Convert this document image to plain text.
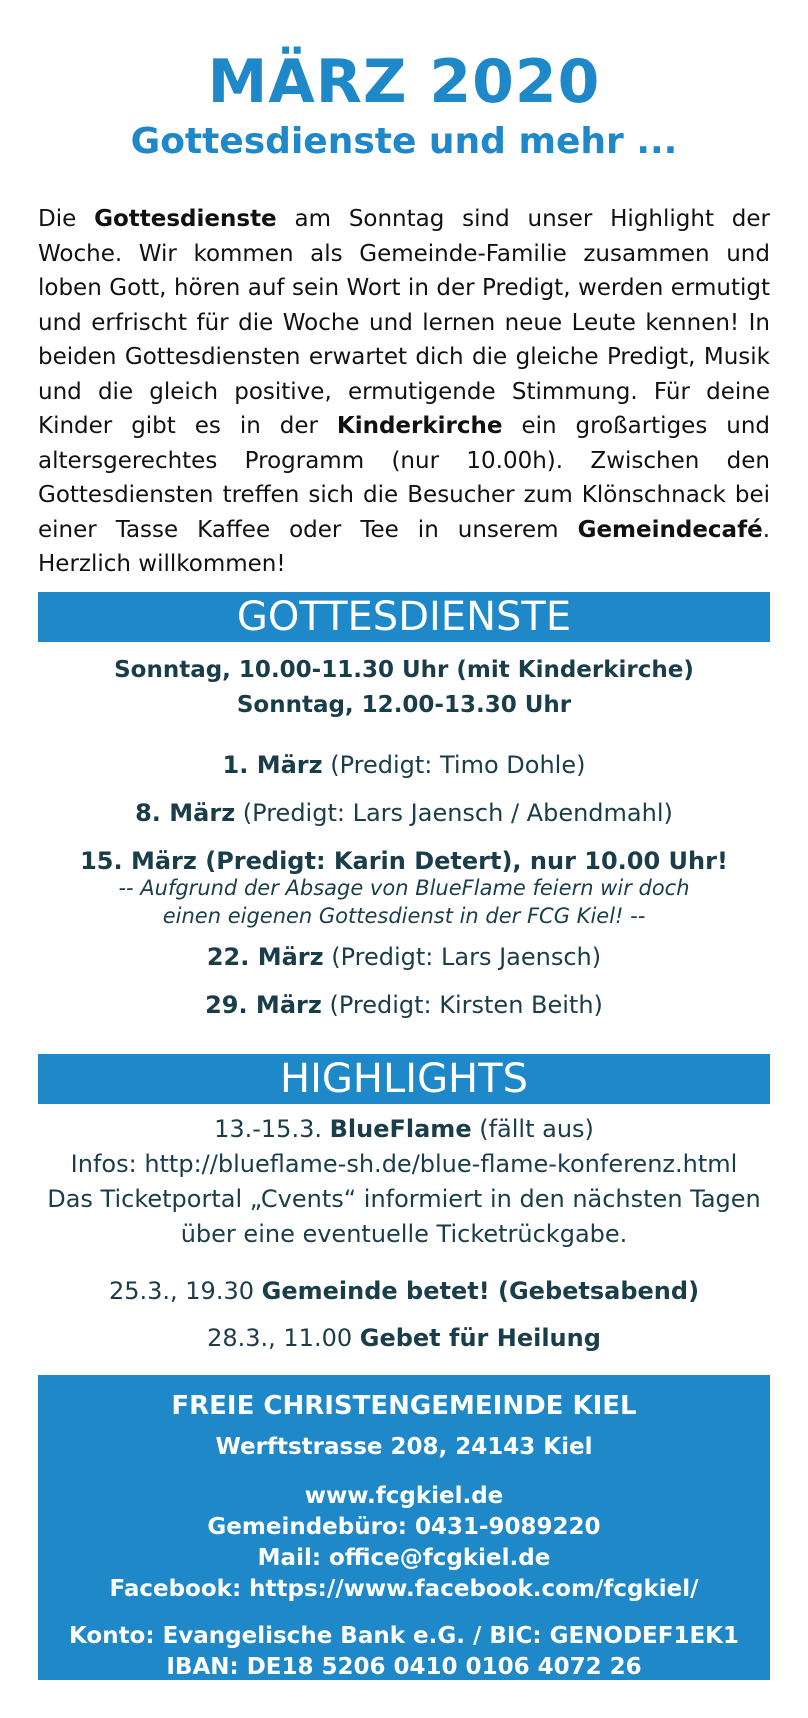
MÄRZ 2020
Gottesdienste und mehr ...

Die Gottesdienste am Sonntag sind unser Highlight der Woche. Wir kommen als Gemeinde-Familie zusammen und loben Gott, hören auf sein Wort in der Predigt, werden ermutigt und erfrischt für die Woche und lernen neue Leute kennen! In beiden Gottesdiensten erwartet dich die gleiche Predigt, Musik und die gleich positive, ermutigende Stimmung. Für deine Kinder gibt es in der Kinderkirche ein großartiges und altersgerechtes Programm (nur 10.00h). Zwischen den Gottesdiensten treffen sich die Besucher zum Klönschnack bei einer Tasse Kaffee oder Tee in unserem Gemeindecafé. Herzlich willkommen!

GOTTESDIENSTE
Sonntag, 10.00-11.30 Uhr (mit Kinderkirche)
Sonntag, 12.00-13.30 Uhr
1. März (Predigt: Timo Dohle)
8. März (Predigt: Lars Jaensch / Abendmahl)
15. März (Predigt: Karin Detert), nur 10.00 Uhr!
-- Aufgrund der Absage von BlueFlame feiern wir doch
einen eigenen Gottesdienst in der FCG Kiel! --
22. März (Predigt: Lars Jaensch)
29. März (Predigt: Kirsten Beith)
HIGHLIGHTS
13.-15.3. BlueFlame (fällt aus)
Infos: http://blueflame-sh.de/blue-flame-konferenz.html
Das Ticketportal „Cvents“ informiert in den nächsten Tagen
über eine eventuelle Ticketrückgabe.
25.3., 19.30 Gemeinde betet! (Gebetsabend)
28.3., 11.00 Gebet für Heilung
FREIE CHRISTENGEMEINDE KIEL
Werftstrasse 208, 24143 Kiel
www.fcgkiel.de
Gemeindebüro: 0431-9089220
Mail: office@fcgkiel.de
Facebook: https://www.facebook.com/fcgkiel/
Konto: Evangelische Bank e.G. / BIC: GENODEF1EK1
IBAN: DE18 5206 0410 0106 4072 26
